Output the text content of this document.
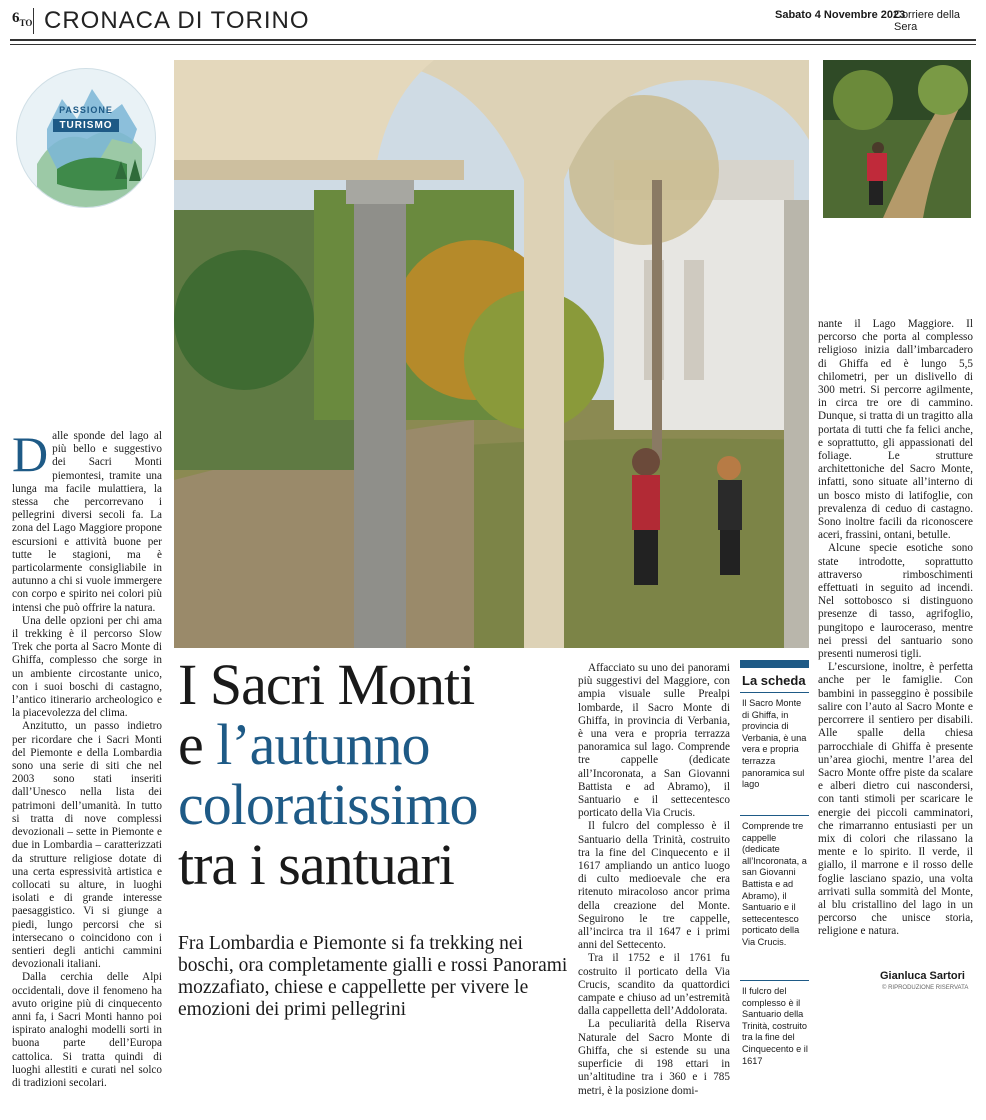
$6_{TO}$ CRONACA DI TORINO	Sabato 4 Novembre 2023
Corriere della Sera
PASSIONE
TURISMO

Dalle sponde del lago al più bello e suggestivo dei Sacri Monti piemontesi, tramite una lunga ma facile mulattiera, la stessa che percorrevano i pellegrini diversi secoli fa. La zona del Lago Maggiore propone escursioni e attività buone per tutte le stagioni, ma è particolarmente consigliabile in autunno a chi si vuole immergere con corpo e spirito nei colori più intensi che può offrire la natura.

Una delle opzioni per chi ama il trekking è il percorso Slow Trek che porta al Sacro Monte di Ghiffa, complesso che sorge in un ambiente circostante unico, con i suoi boschi di castagno, l’antico itinerario archeologico e la piacevolezza del clima.

Anzitutto, un passo indietro per ricordare che i Sacri Monti del Piemonte e della Lombardia sono una serie di siti che nel 2003 sono stati inseriti dall’Unesco nella lista dei patrimoni dell’umanità. In tutto si tratta di nove complessi devozionali – sette in Piemonte e due in Lombardia – caratterizzati da strutture religiose dotate di una certa espressività artistica e collocati su alture, in luoghi isolati e di grande interesse paesaggistico. Vi si giunge a piedi, lungo percorsi che si intersecano o coincidono con i sentieri degli antichi cammini devozionali italiani.

Dalla cerchia delle Alpi occidentali, dove il fenomeno ha avuto origine più di cinquecento anni fa, i Sacri Monti hanno poi ispirato analoghi modelli sorti in buona parte dell’Europa cattolica. Si tratta quindi di luoghi allestiti e curati nel solco di tradizioni secolari.

I Sacri Monti
e l’autunno
coloratissimo
tra i santuari
Fra Lombardia e Piemonte si fa trekking nei boschi, ora completamente gialli e rossi Panorami mozzafiato, chiese e cappellette per vivere le emozioni dei primi pellegrini

Affacciato su uno dei panorami più suggestivi del Maggiore, con ampia visuale sulle Prealpi lombarde, il Sacro Monte di Ghiffa, in provincia di Verbania, è una vera e propria terrazza panoramica sul lago. Comprende tre cappelle (dedicate all’Incoronata, a San Giovanni Battista e ad Abramo), il Santuario e il settecentesco porticato della Via Crucis.

Il fulcro del complesso è il Santuario della Trinità, costruito tra la fine del Cinquecento e il 1617 ampliando un antico luogo di culto medioevale che era ritenuto miracoloso ancor prima della creazione del Monte. Seguirono le tre cappelle, all’incirca tra il 1647 e i primi anni del Settecento.

Tra il 1752 e il 1761 fu costruito il porticato della Via Crucis, scandito da quattordici campate e chiuso ad un’estremità dalla cappelletta dell’Addolorata.

La peculiarità della Riserva Naturale del Sacro Monte di Ghiffa, che si estende su una superficie di 198 ettari in un’altitudine tra i 360 e i 785 metri, è la posizione domi-

La scheda
Il Sacro Monte di Ghiffa, in provincia di Verbania, è una vera e propria terrazza panoramica sul lago
Comprende tre cappelle (dedicate all’Incoronata, a san Giovanni Battista e ad Abramo), il Santuario e il settecentesco porticato della Via Crucis.
Il fulcro del complesso è il Santuario della Trinità, costruito tra la fine del Cinquecento e il 1617

nante il Lago Maggiore. Il percorso che porta al complesso religioso inizia dall’imbarcadero di Ghiffa ed è lungo 5,5 chilometri, per un dislivello di 300 metri. Si percorre agilmente, in circa tre ore di cammino. Dunque, si tratta di un tragitto alla portata di tutti che fa felici anche, e soprattutto, gli appassionati del foliage. Le strutture architettoniche del Sacro Monte, infatti, sono situate all’interno di un bosco misto di latifoglie, con prevalenza di ceduo di castagno. Sono inoltre facili da riconoscere aceri, frassini, ontani, betulle.

Alcune specie esotiche sono state introdotte, soprattutto attraverso rimboschimenti effettuati in seguito ad incendi. Nel sottobosco si distinguono presenze di tasso, agrifoglio, pungitopo e laurocerasо, mentre nei pressi del santuario sono presenti numerosi tigli.

L’escursione, inoltre, è perfetta anche per le famiglie. Con bambini in passeggino è possibile salire con l’auto al Sacro Monte e percorrere il sentiero per disabili. Alle spalle della chiesa parrocchiale di Ghiffa è presente un’area giochi, mentre l’area del Sacro Monte offre piste da scalare e alberi dietro cui nascondersi, con tanti stimoli per scaricare le energie dei piccoli camminatori, che rimarranno entusiasti per un mix di colori che rilassano la mente e lo spirito. Il verde, il giallo, il marrone e il rosso delle foglie lasciano spazio, una volta arrivati sulla sommità del Monte, al blu cristallino del lago in un percorso che unisce storia, religione e natura.

Gianluca Sartori
© RIPRODUZIONE RISERVATA
